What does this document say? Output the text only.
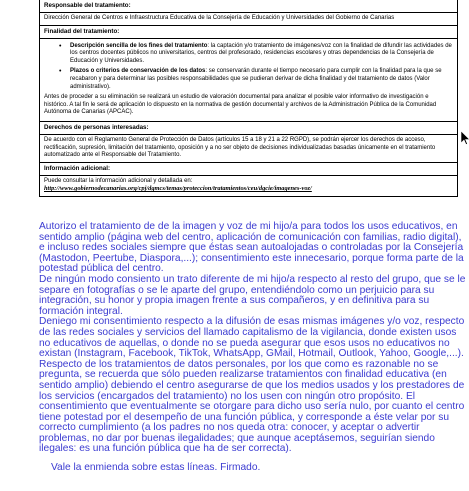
Responsable del tratamiento:
Dirección General de Centros e Infraestructura Educativa de la Consejería de Educación y Universidades del Gobierno de Canarias
Finalidad del tratamiento:
• Descripción sencilla de los fines del tratamiento: la captación y/o tratamiento de imágenes/voz con la finalidad de difundir las actividades de los centros docentes públicos no universitarios, centros del profesorado, residencias escolares y otras dependencias de la Consejería de Educación y Universidades.
• Plazos o criterios de conservación de los datos: se conservarán durante el tiempo necesario para cumplir con la finalidad para la que se recabaron y para determinar las posibles responsabilidades que se pudieran derivar de dicha finalidad y del tratamiento de datos (Valor administrativo).
Antes de proceder a su eliminación se realizará un estudio de valoración documental para analizar el posible valor informativo de investigación e histórico. A tal fin le será de aplicación lo dispuesto en la normativa de gestión documental y archivos de la Administración Pública de la Comunidad Autónoma de Canarias (APCAC).
Derechos de personas interesadas:
De acuerdo con el Reglamento General de Protección de Datos (artículos 15 a 18 y 21 a 22 RGPD), se podrán ejercer los derechos de acceso, rectificación, supresión, limitación del tratamiento, oposición y a no ser objeto de decisiones individualizadas basadas únicamente en el tratamiento automatizado ante el Responsable del Tratamiento.
Información adicional:
Puede consultar la información adicional y detallada en:
http://www.gobiernodecanarias.org/cpj/dgmcs/temas/proteccion/tratamientos/ceu/dgcie/imagenes-voz/

Autorizo el tratamiento de de la imagen y voz de mi hijo/a para todos los usos educativos, en sentido amplio (página web del centro, aplicación de comunicación con familias, radio digital), e incluso redes sociales siempre que éstas sean autoalojadas o controladas por la Consejería (Mastodon, Peertube, Diaspora,...); consentimiento este innecesario, porque forma parte de la potestad pública del centro.

De ningún modo consiento un trato diferente de mi hijo/a respecto al resto del grupo, que se le separe en fotografías o se le aparte del grupo, entendiéndolo como un perjuicio para su integración, su honor y propia imagen frente a sus compañeros, y en definitiva para su formación integral.

Deniego mi consentimiento respecto a la difusión de esas mismas imágenes y/o voz, respecto de las redes sociales y servicios del llamado capitalismo de la vigilancia, donde existen usos no educativos de aquellas, o donde no se pueda asegurar que esos usos no educativos no existan (Instagram, Facebook, TikTok, WhatsApp, GMail, Hotmail, Outlook, Yahoo, Google,...). Respecto de los tratamientos de datos personales, por los que como es razonable no se pregunta, se recuerda que sólo pueden realizarse tratamientos con finalidad educativa (en sentido amplio) debiendo el centro asegurarse de que los medios usados y los prestadores de los servicios (encargados del tratamiento) no los usen con ningún otro propósito. El consentimiento que eventualmente se otorgare para dicho uso sería nulo, por cuanto el centro tiene potestad por el desempeño de una función pública, y corresponde a éste velar por su correcto cumplimiento (a los padres no nos queda otra: conocer, y aceptar o advertir problemas, no dar por buenas ilegalidades; que aunque aceptásemos, seguirían siendo ilegales: es una función pública que ha de ser correcta).

Vale la enmienda sobre estas líneas. Firmado.
